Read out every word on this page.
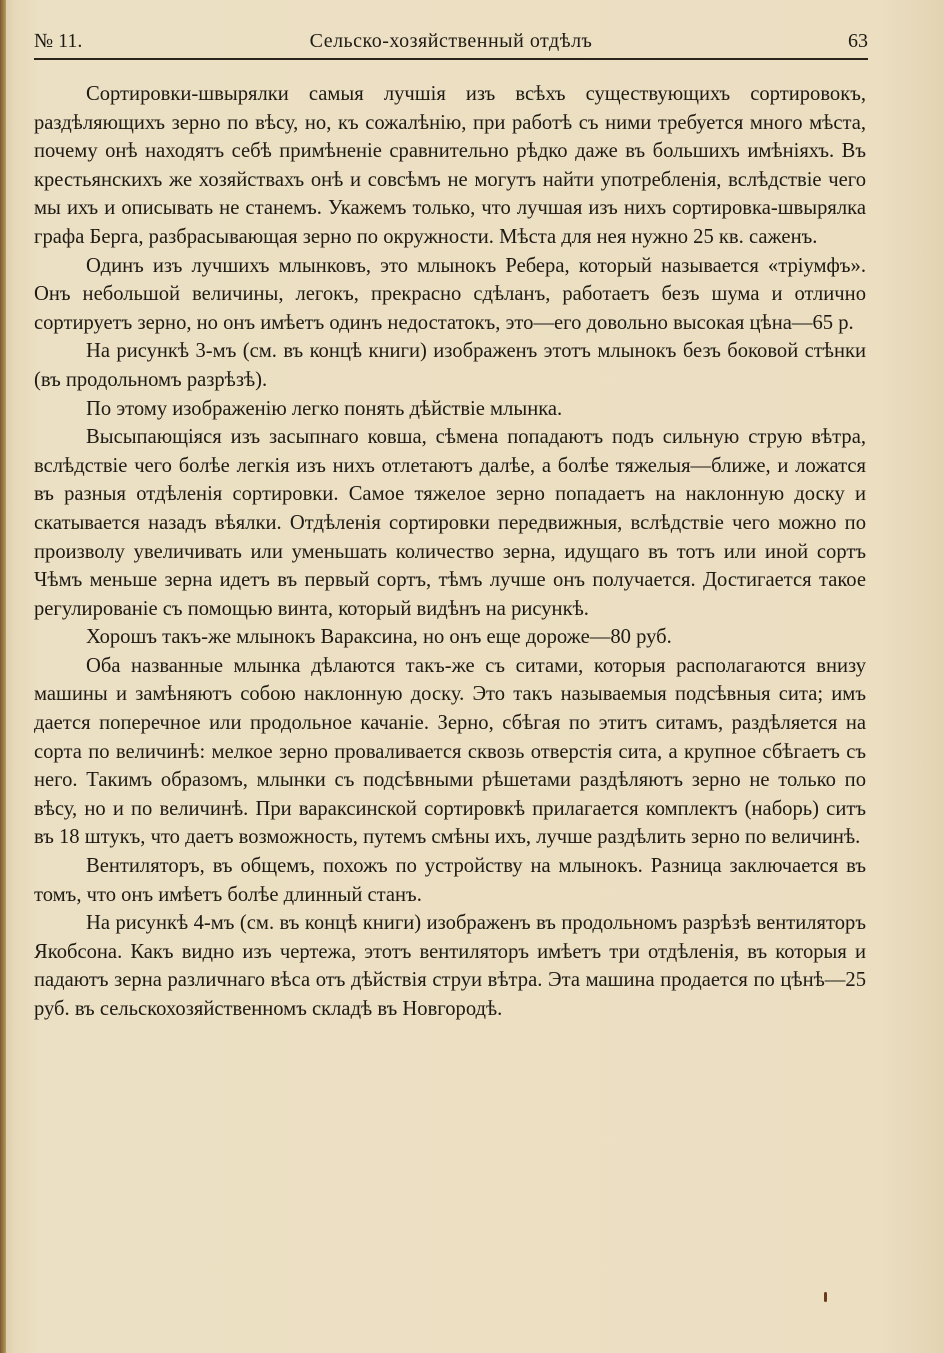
№ 11.	Сельско-хозяйственный отдѣлъ	63

Сортировки-швырялки самыя лучшія изъ всѣхъ существующихъ сортировокъ, раздѣляющихъ зерно по вѣсу, но, къ сожалѣнію, при работѣ съ ними требуется много мѣста, почему онѣ находятъ себѣ примѣненіе сравнительно рѣдко даже въ большихъ имѣніяхъ. Въ крестьянскихъ же хозяйствахъ онѣ и совсѣмъ не могутъ найти употребленія, вслѣдствіе чего мы ихъ и описывать не станемъ. Укажемъ только, что лучшая изъ нихъ сортировка-швырялка графа Берга, разбрасывающая зерно по окружности. Мѣста для нея нужно 25 кв. саженъ.

Одинъ изъ лучшихъ млынковъ, это млынокъ Ребера, который называется «тріумфъ». Онъ небольшой величины, легокъ, прекрасно сдѣланъ, работаетъ безъ шума и отлично сортируетъ зерно, но онъ имѣетъ одинъ недостатокъ, это—его довольно высокая цѣна—65 р.

На рисункѣ 3-мъ (см. въ концѣ книги) изображенъ этотъ млынокъ безъ боковой стѣнки (въ продольномъ разрѣзѣ).

По этому изображенію легко понять дѣйствіе млынка.

Высыпающіяся изъ засыпнаго ковша, сѣмена попадаютъ подъ сильную струю вѣтра, вслѣдствіе чего болѣе легкія изъ нихъ отлетаютъ далѣе, а болѣе тяжелыя—ближе, и ложатся въ разныя отдѣленія сортировки. Самое тяжелое зерно попадаетъ на наклонную доску и скатывается назадъ вѣялки. Отдѣленія сортировки передвижныя, вслѣдствіе чего можно по произволу увеличивать или уменьшать количество зерна, идущаго въ тотъ или иной сортъ Чѣмъ меньше зерна идетъ въ первый сортъ, тѣмъ лучше онъ получается. Достигается такое регулированіе съ помощью винта, который видѣнъ на рисункѣ.

Хорошъ такъ-же млынокъ Вараксина, но онъ еще дороже—80 руб.

Оба названные млынка дѣлаются такъ-же съ ситами, которыя располагаются внизу машины и замѣняютъ собою наклонную доску. Это такъ называемыя подсѣвныя сита; имъ дается поперечное или продольное качаніе. Зерно, сбѣгая по этитъ ситамъ, раздѣляется на сорта по величинѣ: мелкое зерно проваливается сквозь отверстія сита, а крупное сбѣгаетъ съ него. Такимъ образомъ, млынки съ подсѣвными рѣшетами раздѣляютъ зерно не только по вѣсу, но и по величинѣ. При вараксинской сортировкѣ прилагается комплектъ (наборь) ситъ въ 18 штукъ, что даетъ возможность, путемъ смѣны ихъ, лучше раздѣлить зерно по величинѣ.

Вентиляторъ, въ общемъ, похожъ по устройству на млынокъ. Разница заключается въ томъ, что онъ имѣетъ болѣе длинный станъ.

На рисункѣ 4-мъ (см. въ концѣ книги) изображенъ въ продольномъ разрѣзѣ вентиляторъ Якобсона. Какъ видно изъ чертежа, этотъ вентиляторъ имѣетъ три отдѣленія, въ которыя и падаютъ зерна различнаго вѣса отъ дѣйствія струи вѣтра. Эта машина продается по цѣнѣ—25 руб. въ сельскохозяйственномъ складѣ въ Новгородѣ.
